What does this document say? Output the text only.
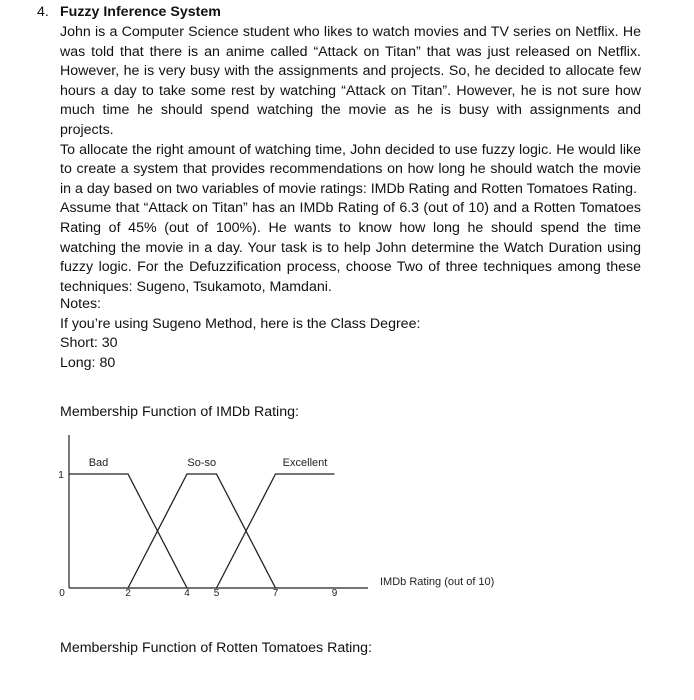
4. Fuzzy Inference System

John is a Computer Science student who likes to watch movies and TV series on Netflix. He was told that there is an anime called “Attack on Titan” that was just released on Netflix. However, he is very busy with the assignments and projects. So, he decided to allocate few hours a day to take some rest by watching “Attack on Titan”. However, he is not sure how much time he should spend watching the movie as he is busy with assignments and projects.

To allocate the right amount of watching time, John decided to use fuzzy logic. He would like to create a system that provides recommendations on how long he should watch the movie in a day based on two variables of movie ratings: IMDb Rating and Rotten Tomatoes Rating.

Assume that “Attack on Titan” has an IMDb Rating of 6.3 (out of 10) and a Rotten Tomatoes Rating of 45% (out of 100%). He wants to know how long he should spend the time watching the movie in a day. Your task is to help John determine the Watch Duration using fuzzy logic. For the Defuzzification process, choose Two of three techniques among these techniques: Sugeno, Tsukamoto, Mamdani.

Notes:
If you’re using Sugeno Method, here is the Class Degree:
Short: 30
Long: 80
Membership Function of IMDb Rating:
0	2	4 5	7	9
1
Bad	So-so	Excellent
IMDb Rating (out of 10)
Membership Function of Rotten Tomatoes Rating:
